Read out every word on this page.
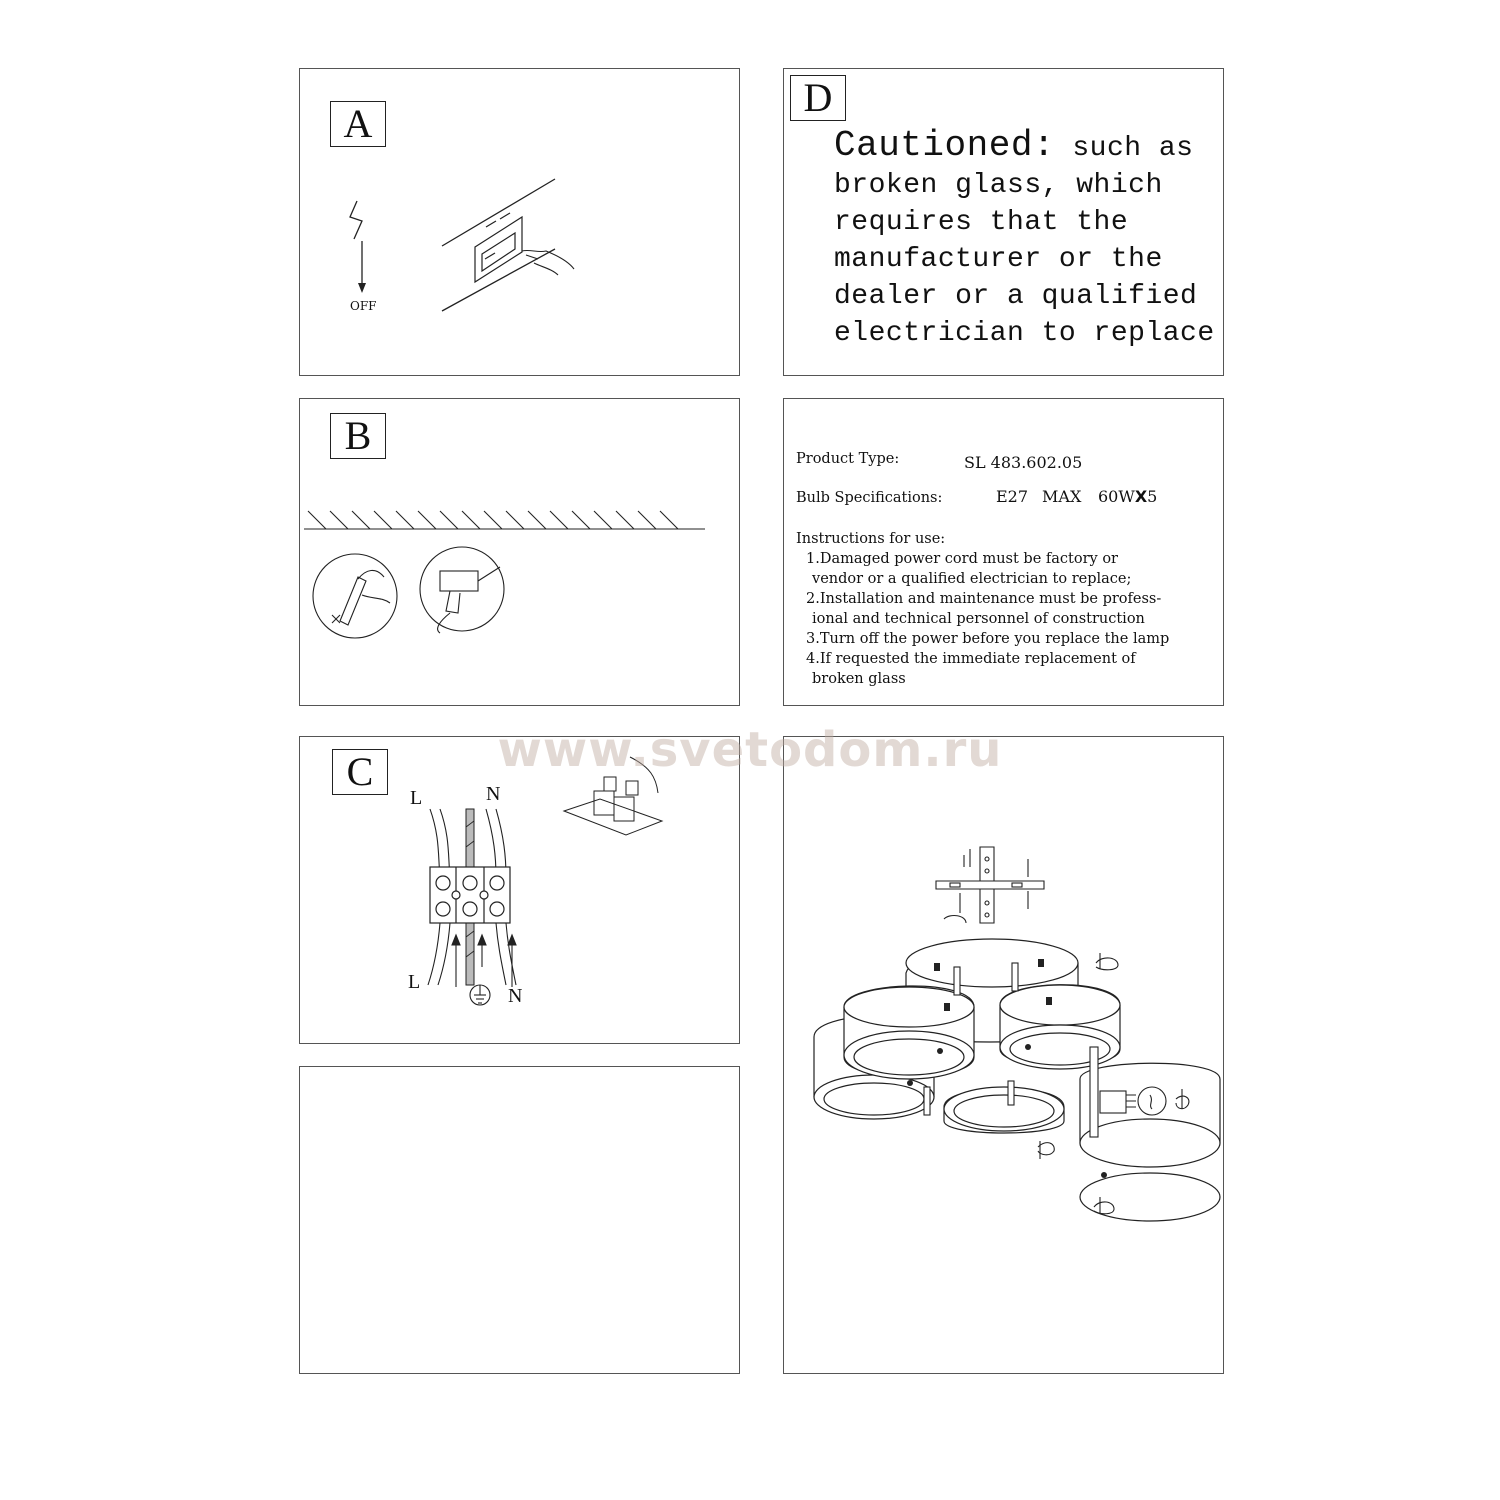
A
OFF
D
Cautioned: such as
broken glass, which
requires that the
manufacturer or the
dealer or a qualified
electrician to replace
B
Product Type:	SL 483.602.05
Bulb Specifications:	E27 MAX 60WX5
Instructions for use:
1.Damaged power cord must be factory or
vendor or a qualified electrician to replace;
2.Installation and maintenance must be profess-
ional and technical personnel of construction
3.Turn off the power before you replace the lamp
4.If requested the immediate replacement of
broken glass
C
L	N
L
N
www.svetodom.ru
